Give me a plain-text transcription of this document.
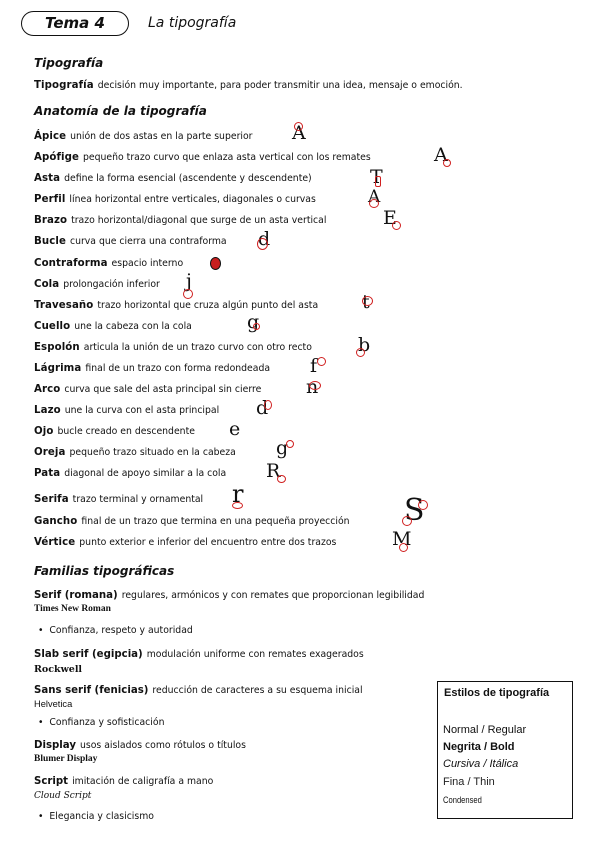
Tema 4	La tipografía
Tipografía
Tipografía decisión muy importante, para poder transmitir una idea, mensaje o emoción.
Anatomía de la tipografía
Ápice unión de dos astas en la parte superior A
Apófige pequeño trazo curvo que enlaza asta vertical con los remates	A
Asta define la forma esencial (ascendente y descendente)	T
Perfil línea horizontal entre verticales, diagonales o curvas	A
Brazo trazo horizontal/diagonal que surge de un asta vertical	E
Bucle curva que cierra una contraforma d
Contraforma espacio interno
Cola prolongación inferior j
Travesaño trazo horizontal que cruza algún punto del asta t
Cuello une la cabeza con la cola	g
Espolón articula la unión de un trazo curvo con otro recto b
Lágrima final de un trazo con forma redondeada f
Arco curva que sale del asta principal sin cierre n
Lazo une la curva con el asta principal d
Ojo bucle creado en descendente e
Oreja pequeño trazo situado en la cabeza g
Pata diagonal de apoyo similar a la cola R
Serifa trazo terminal y ornamental r
Gancho final de un trazo que termina en una pequeña proyección S
Vértice punto exterior e inferior del encuentro entre dos trazos	M
Familias tipográficas
Serif (romana) regulares, armónicos y con remates que proporcionan legibilidad
Times New Roman
•  Confianza, respeto y autoridad
Slab serif (egipcia) modulación uniforme con remates exagerados
Rockwell
Sans serif (fenicias) reducción de caracteres a su esquema inicial
Helvetica
•  Confianza y sofisticación
Display usos aislados como rótulos o títulos
Blumer Display
Script imitación de caligrafía a mano
Cloud Script
•  Elegancia y clasicismo
Estilos de tipografía
Normal / Regular
Negrita / Bold
Cursiva / Itálica
Fina / Thin
Condensed
